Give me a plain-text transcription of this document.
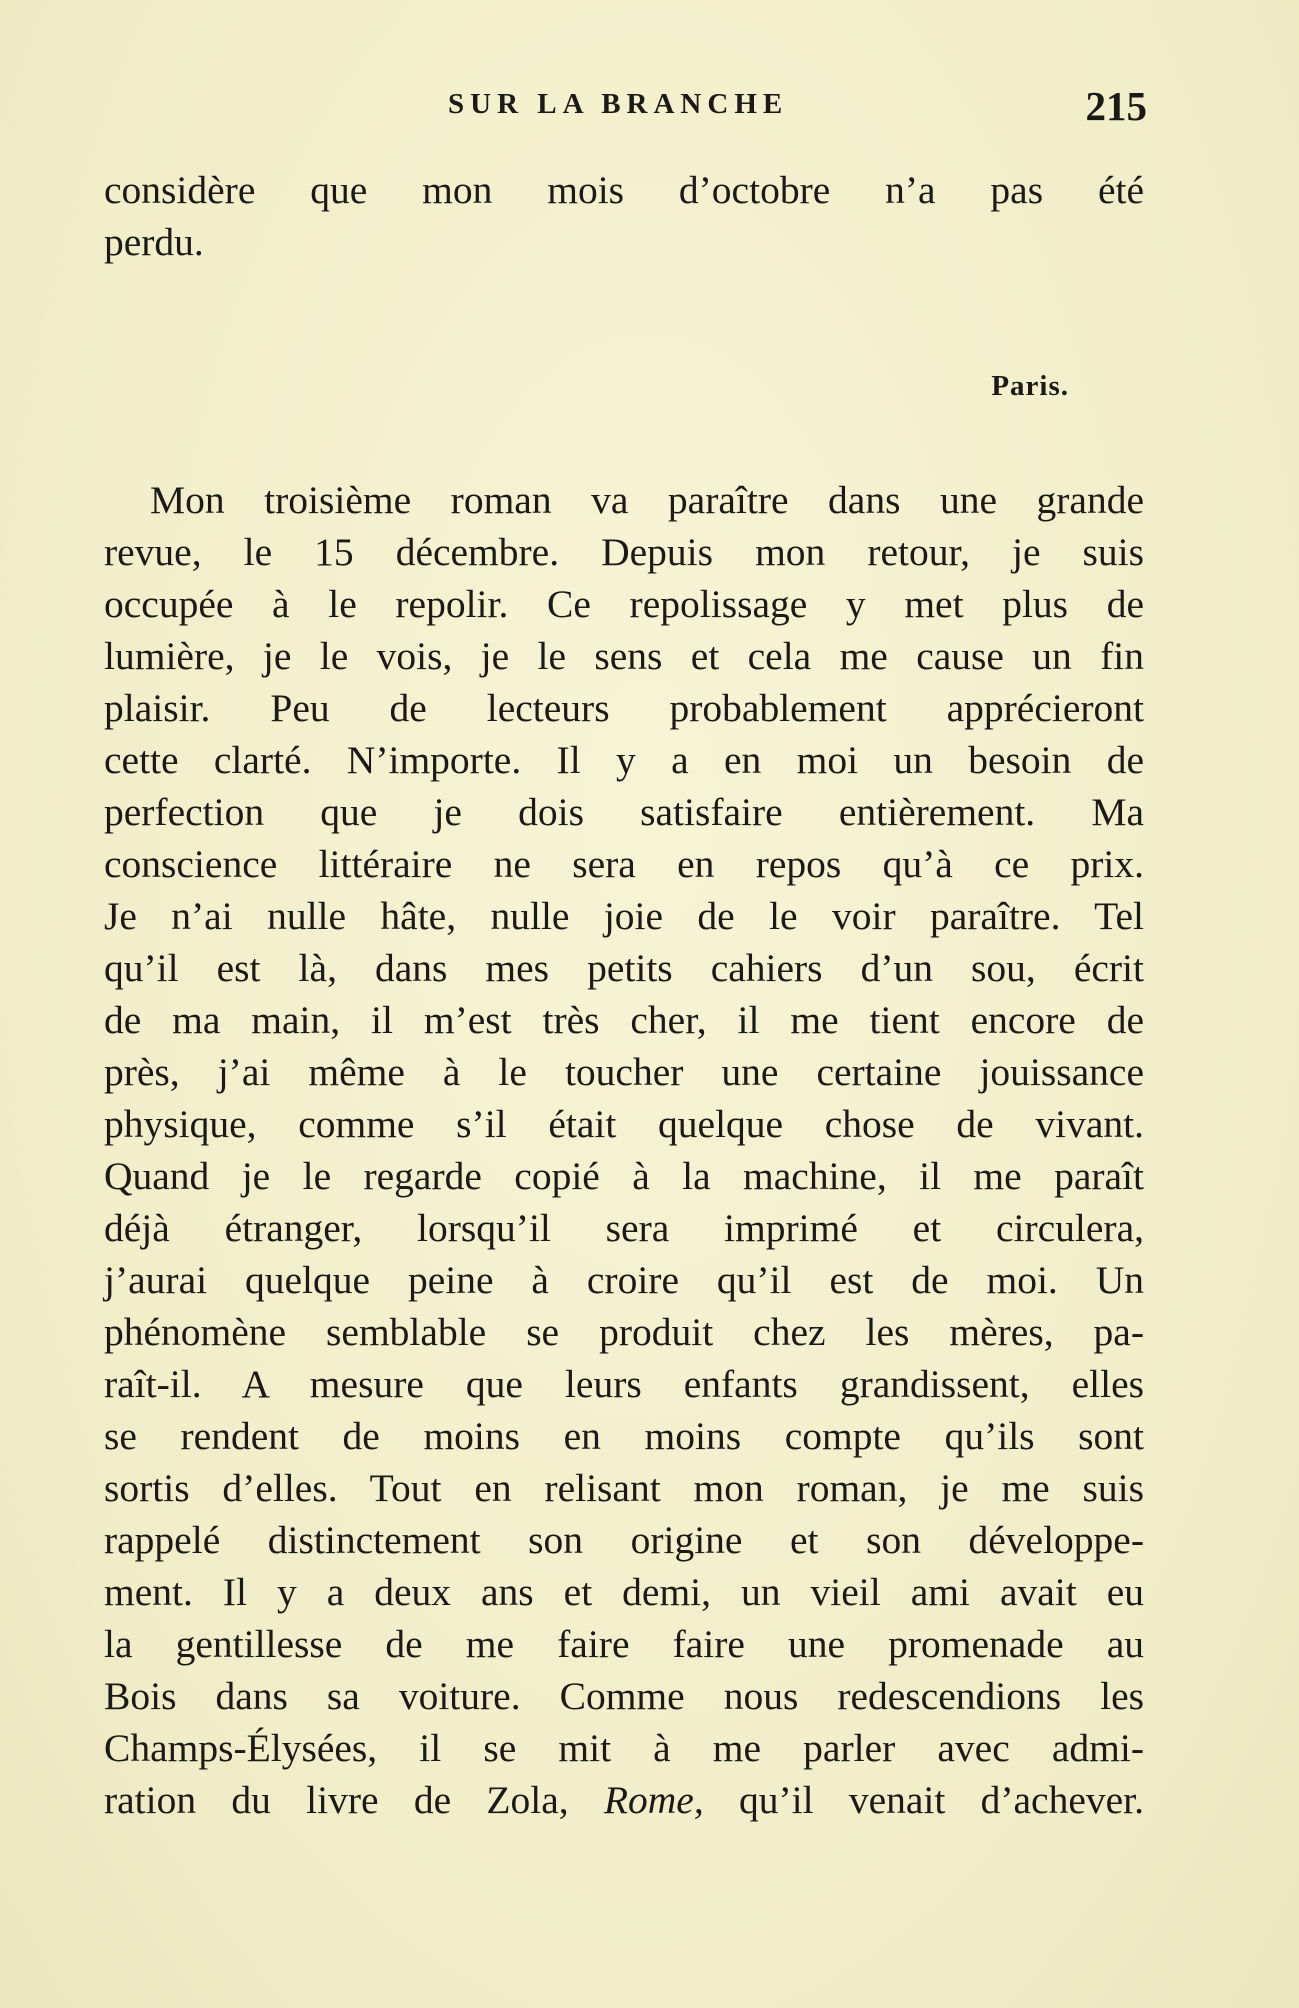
SUR LA BRANCHE	215
considère que mon mois d’octobre n’a pas été
perdu.
Paris.
Mon troisième roman va paraître dans une grande
revue, le 15 décembre. Depuis mon retour, je suis
occupée à le repolir. Ce repolissage y met plus de
lumière, je le vois, je le sens et cela me cause un fin
plaisir. Peu de lecteurs probablement apprécieront
cette clarté. N’importe. Il y a en moi un besoin de
perfection que je dois satisfaire entièrement. Ma
conscience littéraire ne sera en repos qu’à ce prix.
Je n’ai nulle hâte, nulle joie de le voir paraître. Tel
qu’il est là, dans mes petits cahiers d’un sou, écrit
de ma main, il m’est très cher, il me tient encore de
près, j’ai même à le toucher une certaine jouissance
physique, comme s’il était quelque chose de vivant.
Quand je le regarde copié à la machine, il me paraît
déjà étranger, lorsqu’il sera imprimé et circulera,
j’aurai quelque peine à croire qu’il est de moi. Un
phénomène semblable se produit chez les mères, pa-
raît-il. A mesure que leurs enfants grandissent, elles
se rendent de moins en moins compte qu’ils sont
sortis d’elles. Tout en relisant mon roman, je me suis
rappelé distinctement son origine et son développe-
ment. Il y a deux ans et demi, un vieil ami avait eu
la gentillesse de me faire faire une promenade au
Bois dans sa voiture. Comme nous redescendions les
Champs-Élysées, il se mit à me parler avec admi-
ration du livre de Zola, Rome, qu’il venait d’achever.
